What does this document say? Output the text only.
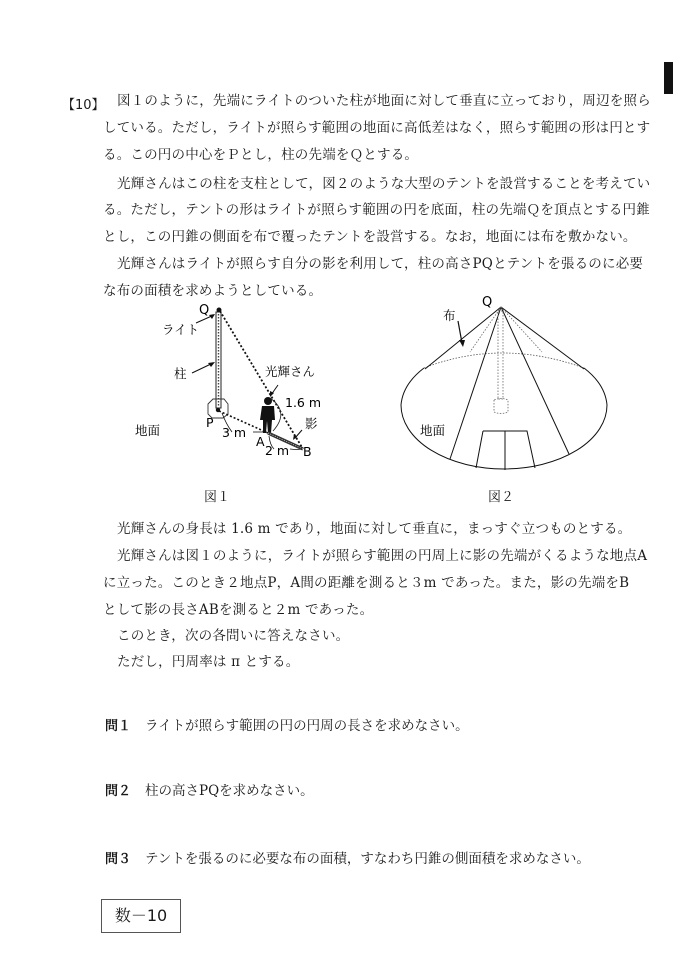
【10】 図１のように，先端にライトのついた柱が地面に対して垂直に立っており，周辺を照ら
している。ただし，ライトが照らす範囲の地面に高低差はなく，照らす範囲の形は円とす
る。この円の中心をＰとし，柱の先端をＱとする。
光輝さんはこの柱を支柱として，図２のような大型のテントを設営することを考えてい
る。ただし，テントの形はライトが照らす範囲の円を底面，柱の先端Ｑを頂点とする円錐
とし，この円錐の側面を布で覆ったテントを設営する。なお，地面には布を敷かない。
光輝さんはライトが照らす自分の影を利用して，柱の高さPQとテントを張るのに必要
な布の面積を求めようとしている。
Q
ライト
柱	光輝さん
1.6 m
影
地面
P
3 m
A
2 m B
図１
Q
布
地面
図２
光輝さんの身長は 1.6 m であり，地面に対して垂直に，まっすぐ立つものとする。
光輝さんは図１のように，ライトが照らす範囲の円周上に影の先端がくるような地点A
に立った。このとき２地点P，A間の距離を測ると３m であった。また，影の先端をB
として影の長さABを測ると２m であった。
このとき，次の各問いに答えなさい。
ただし，円周率は π とする。
問１ ライトが照らす範囲の円の円周の長さを求めなさい。
問２ 柱の高さPQを求めなさい。
問３ テントを張るのに必要な布の面積，すなわち円錐の側面積を求めなさい。
数－10
